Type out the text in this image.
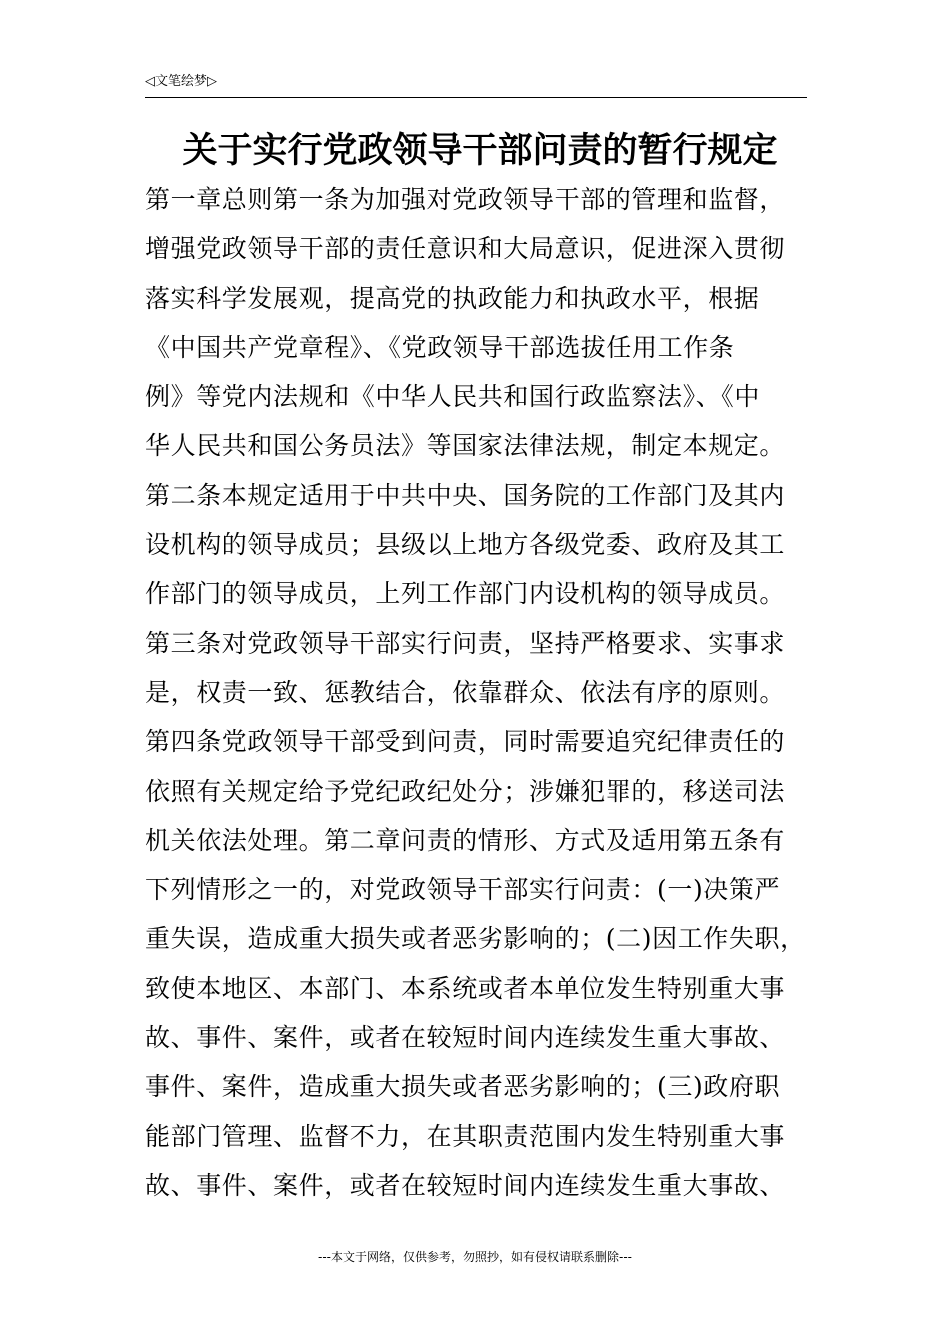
◁文笔绘梦▷
关于实行党政领导干部问责的暂行规定
第一章总则第一条为加强对党政领导干部的管理和监督，
增强党政领导干部的责任意识和大局意识，促进深入贯彻
落实科学发展观，提高党的执政能力和执政水平，根据
《中国共产党章程》、《党政领导干部选拔任用工作条
例》等党内法规和《中华人民共和国行政监察法》、《中
华人民共和国公务员法》等国家法律法规，制定本规定。
第二条本规定适用于中共中央、国务院的工作部门及其内
设机构的领导成员；县级以上地方各级党委、政府及其工
作部门的领导成员，上列工作部门内设机构的领导成员。
第三条对党政领导干部实行问责，坚持严格要求、实事求
是，权责一致、惩教结合，依靠群众、依法有序的原则。
第四条党政领导干部受到问责，同时需要追究纪律责任的
依照有关规定给予党纪政纪处分；涉嫌犯罪的，移送司法
机关依法处理。第二章问责的情形、方式及适用第五条有
下列情形之一的，对党政领导干部实行问责：(一)决策严
重失误，造成重大损失或者恶劣影响的；(二)因工作失职，
致使本地区、本部门、本系统或者本单位发生特别重大事
故、事件、案件，或者在较短时间内连续发生重大事故、
事件、案件，造成重大损失或者恶劣影响的；(三)政府职
能部门管理、监督不力，在其职责范围内发生特别重大事
故、事件、案件，或者在较短时间内连续发生重大事故、
---本文于网络，仅供参考，勿照抄，如有侵权请联系删除---
